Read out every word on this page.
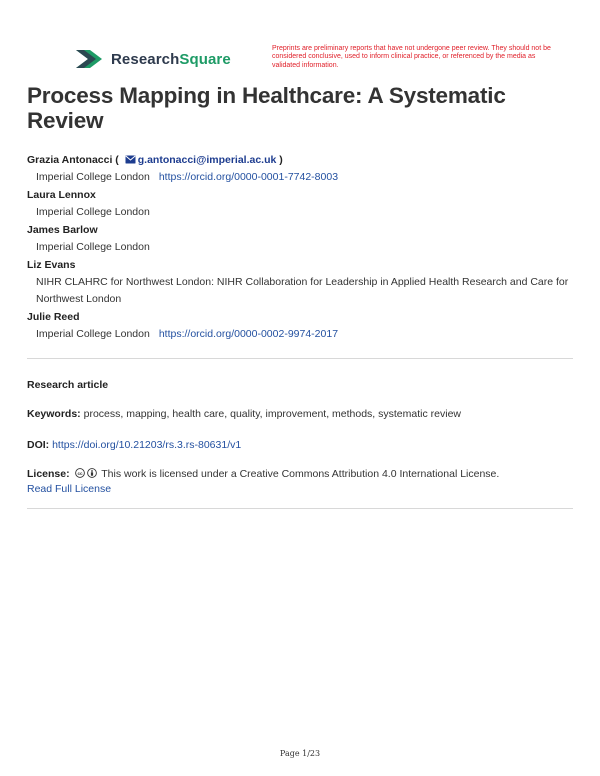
ResearchSquare
Preprints are preliminary reports that have not undergone peer review. They should not be considered conclusive, used to inform clinical practice, or referenced by the media as validated information.
Process Mapping in Healthcare: A Systematic Review
Grazia Antonacci ( g.antonacci@imperial.ac.uk )
Imperial College London https://orcid.org/0000-0001-7742-8003
Laura Lennox
Imperial College London
James Barlow
Imperial College London
Liz Evans
NIHR CLAHRC for Northwest London: NIHR Collaboration for Leadership in Applied Health Research and Care for Northwest London
Julie Reed
Imperial College London https://orcid.org/0000-0002-9974-2017
Research article
Keywords: process, mapping, health care, quality, improvement, methods, systematic review
DOI: https://doi.org/10.21203/rs.3.rs-80631/v1
License: cc This work is licensed under a Creative Commons Attribution 4.0 International License.
Read Full License
Page 1/23
